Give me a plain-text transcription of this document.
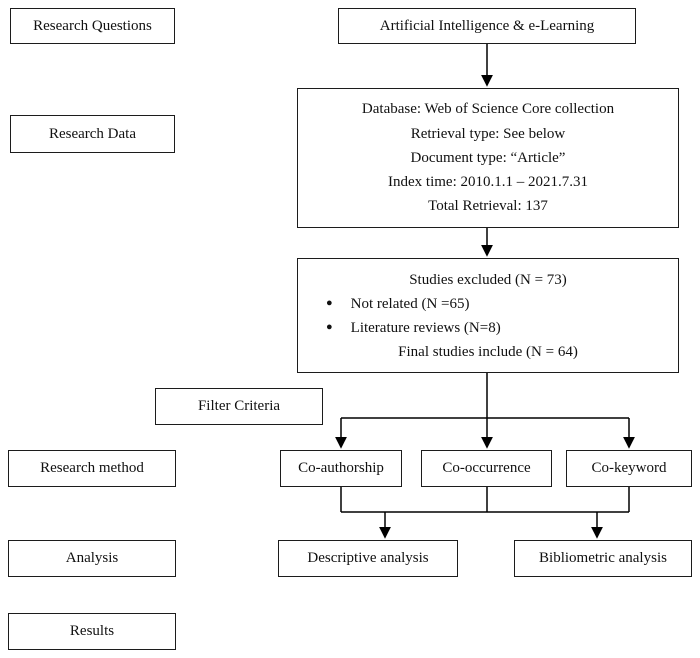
Research Questions
Research Data
Filter Criteria
Research method
Analysis
Results
Artificial Intelligence & e-Learning
Database: Web of Science Core collection
Retrieval type: See below
Document type: “Article”
Index time: 2010.1.1 – 2021.7.31
Total Retrieval: 137
Studies excluded (N = 73)
● Not related (N =65)
● Literature reviews (N=8)
Final studies include (N = 64)
Co-authorship	Co-occurrence	Co-keyword
Descriptive analysis	Bibliometric analysis
